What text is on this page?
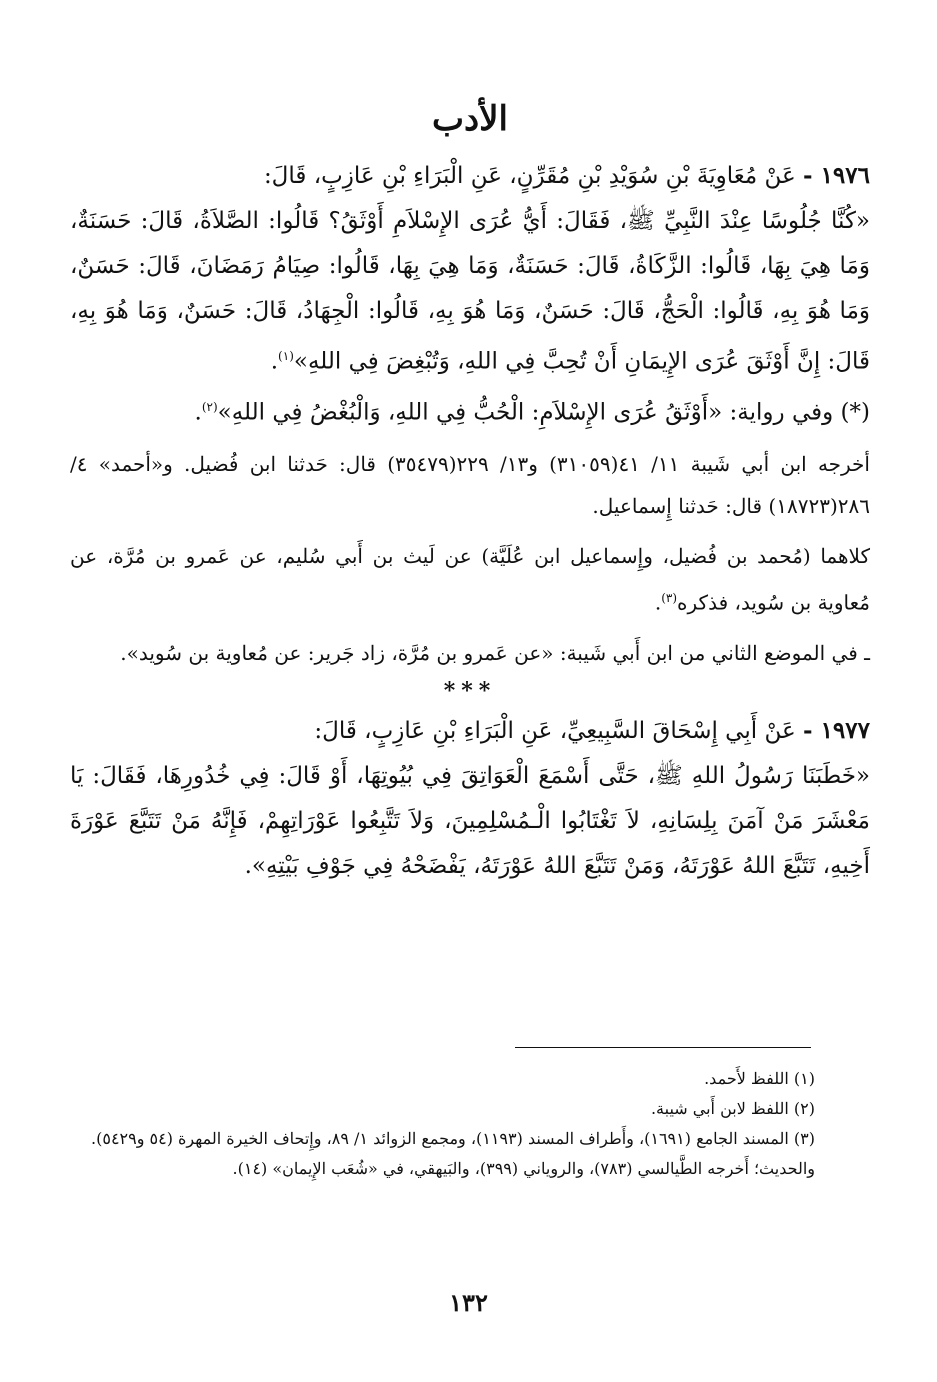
الأدب

١٩٧٦ - عَنْ مُعَاوِيَةَ بْنِ سُوَيْدِ بْنِ مُقَرِّنٍ، عَنِ الْبَرَاءِ بْنِ عَازِبٍ، قَالَ:

«كُنَّا جُلُوسًا عِنْدَ النَّبِيِّ ﷺ، فَقَالَ: أَيُّ عُرَى الإِسْلاَمِ أَوْثَقُ؟ قَالُوا: الصَّلاَةُ، قَالَ: حَسَنَةٌ، وَمَا هِيَ بِهَا، قَالُوا: الزَّكَاةُ، قَالَ: حَسَنَةٌ، وَمَا هِيَ بِهَا، قَالُوا: صِيَامُ رَمَضَانَ، قَالَ: حَسَنٌ، وَمَا هُوَ بِهِ، قَالُوا: الْحَجُّ، قَالَ: حَسَنٌ، وَمَا هُوَ بِهِ، قَالُوا: الْجِهَادُ، قَالَ: حَسَنٌ، وَمَا هُوَ بِهِ، قَالَ: إِنَّ أَوْثَقَ عُرَى الإِيمَانِ أَنْ تُحِبَّ فِي اللهِ، وَتُبْغِضَ فِي اللهِ»$^{(١)}$.

(*) وفي رواية: «أَوْثَقُ عُرَى الإِسْلاَمِ: الْحُبُّ فِي اللهِ، وَالْبُغْضُ فِي اللهِ»$^{(٢)}$.

أخرجه ابن أبي شَيبة ١١/ ٤١(٣١٠٥٩) و١٣/ ٢٢٩(٣٥٤٧٩) قال: حَدثنا ابن فُضيل. و«أحمد» ٤/ ٢٨٦(١٨٧٢٣) قال: حَدثنا إِسماعيل.

كلاهما (مُحمد بن فُضيل، وإِسماعيل ابن عُلَيَّة) عن لَيث بن أَبي سُليم، عن عَمرو بن مُرَّة، عن مُعاوية بن سُويد، فذكره$^{(٣)}$.

ـ في الموضع الثاني من ابن أَبي شَيبة: «عن عَمرو بن مُرَّة، زاد جَرير: عن مُعاوية بن سُويد».

***

١٩٧٧ - عَنْ أَبِي إِسْحَاقَ السَّبِيعِيِّ، عَنِ الْبَرَاءِ بْنِ عَازِبٍ، قَالَ:

«خَطَبَنَا رَسُولُ اللهِ ﷺ، حَتَّى أَسْمَعَ الْعَوَاتِقَ فِي بُيُوتِهَا، أَوْ قَالَ: فِي خُدُورِهَا، فَقَالَ: يَا مَعْشَرَ مَنْ آمَنَ بِلِسَانِهِ، لاَ تَغْتَابُوا الْـمُسْلِمِينَ، وَلاَ تَتَّبِعُوا عَوْرَاتِهِمْ، فَإِنَّهُ مَنْ تَتَبَّعَ عَوْرَةَ أَخِيهِ، تَتَبَّعَ اللهُ عَوْرَتَهُ، وَمَنْ تَتَبَّعَ اللهُ عَوْرَتَهُ، يَفْضَحْهُ فِي جَوْفِ بَيْتِهِ».

(١) اللفظ لأَحمد.

(٢) اللفظ لابن أَبي شيبة.

(٣) المسند الجامع (١٦٩١)، وأَطراف المسند (١١٩٣)، ومجمع الزوائد ١/ ٨٩، وإِتحاف الخيرة المهرة (٥٤ و٥٤٢٩).

والحديث؛ أَخرجه الطَّيالسي (٧٨٣)، والروياني (٣٩٩)، والبَيهقي، في «شُعَب الإِيمان» (١٤).

١٣٢
